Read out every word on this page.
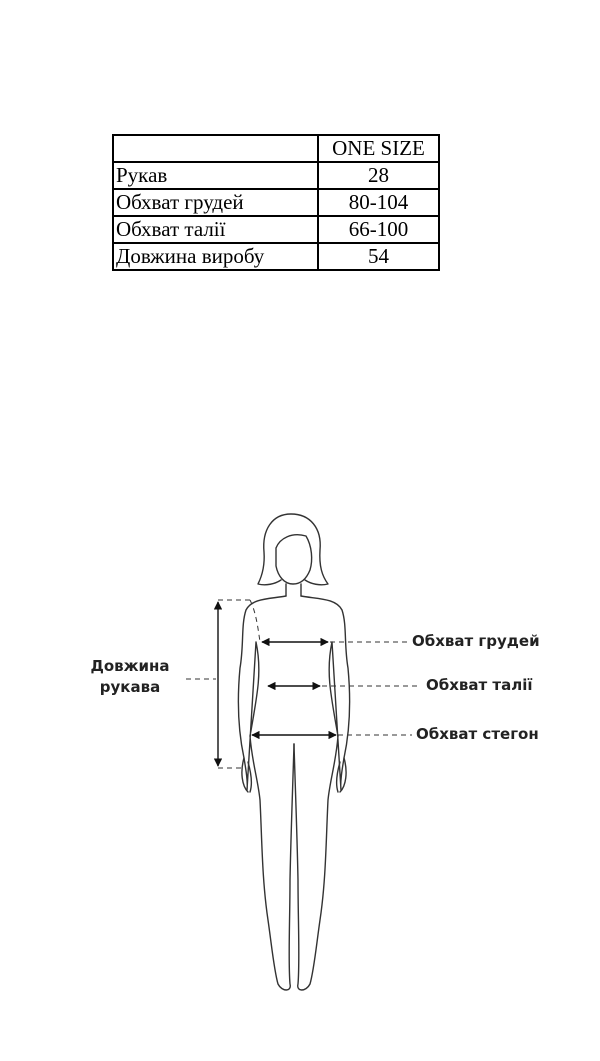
	ONE SIZE
Рукав	28
Обхват грудей	80-104
Обхват талії	66-100
Довжина виробу	54
Довжина рукава
Обхват грудей
Обхват талії
Обхват стегон
